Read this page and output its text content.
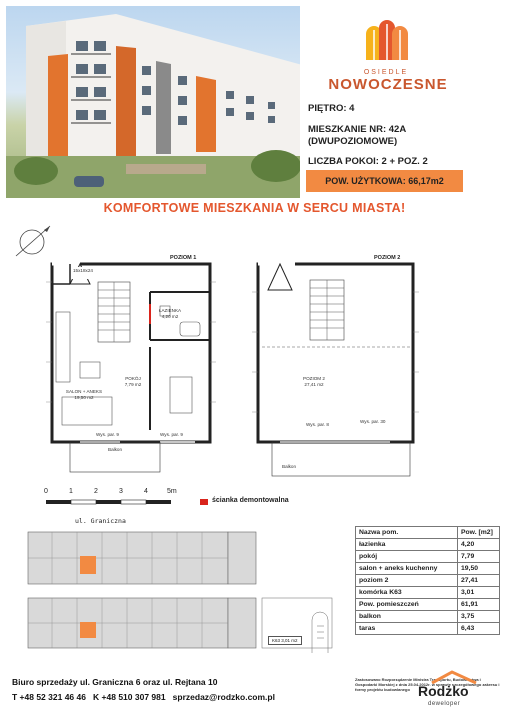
OSIEDLE
NOWOCZESNE
PIĘTRO: 4
MIESZKANIE NR: 42A
(DWUPOZIOMOWE)
LICZBA POKOI: 2 + POZ. 2
POW. UŻYTKOWA: 66,17m2
KOMFORTOWE MIESZKANIA W SERCU MIASTA!
POZIOM 1
15x18x24
ŁAZIENKA
4,20 m2
POKÓJ
7,79 m2
SALON + ANEKS
19,50 m2
Wys. par. 9	Wys. par. 9
Balkon
POZIOM 2
POZIOM 2
27,41 m2
Wys. par. 8
Wys. par. 30
Balkon
0	1	2	3	4	5m
ścianka demontowalna
ul. Graniczna
K63 3,01 m2
Nazwa pom.	Pow. [m2]
łazienka	4,20
pokój	7,79
salon + aneks kuchenny	19,50
poziom 2	27,41
komórka K63	3,01
Pow. pomieszczeń	61,91
balkon	3,75
taras	6,43
Zastosowano Rozporządzenie Ministra Transportu, Budownictwa i Gospodarki Morskiej z dnia 25.04.2012r. w sprawie szczegółowego zakresu i formy projektu budowlanego
Biuro sprzedaży ul. Graniczna 6 oraz ul. Rejtana 10
T +48 52 321 46 46   K +48 510 307 981   sprzedaz@rodzko.com.pl	Rodżko
deweloper
